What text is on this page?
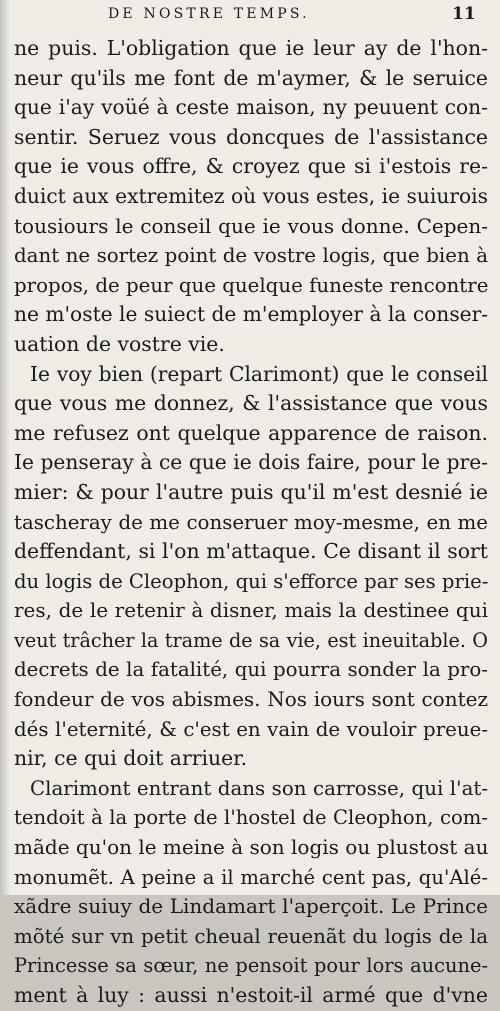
DE NOSTRE TEMPS.	11
ne puis. L'obligation que ie leur ay de l'hon-
neur qu'ils me font de m'aymer, & le seruice
que i'ay voüé à ceste maison, ny peuuent con-
sentir. Seruez vous doncques de l'assistance
que ie vous offre, & croyez que si i'estois re-
duict aux extremitez où vous estes, ie suiurois
tousiours le conseil que ie vous donne. Cepen-
dant ne sortez point de vostre logis, que bien à
propos, de peur que quelque funeste rencontre
ne m'oste le suiect de m'employer à la conser-
uation de vostre vie.
Ie voy bien (repart Clarimont) que le conseil
que vous me donnez, & l'assistance que vous
me refusez ont quelque apparence de raison.
Ie penseray à ce que ie dois faire, pour le pre-
mier: & pour l'autre puis qu'il m'est desnié ie
tascheray de me conseruer moy-mesme, en me
deffendant, si l'on m'attaque. Ce disant il sort
du logis de Cleophon, qui s'efforce par ses prie-
res, de le retenir à disner, mais la destinee qui
veut trâcher la trame de sa vie, est ineuitable. O
decrets de la fatalité, qui pourra sonder la pro-
fondeur de vos abismes. Nos iours sont contez
dés l'eternité, & c'est en vain de vouloir preue-
nir, ce qui doit arriuer.
Clarimont entrant dans son carrosse, qui l'at-
tendoit à la porte de l'hostel de Cleophon, com-
mãde qu'on le meine à son logis ou plustost au
monumẽt. A peine a il marché cent pas, qu'Alé-
xãdre suiuy de Lindamart l'aperçoit. Le Prince
mõté sur vn petit cheual reuenãt du logis de la
Princesse sa sœur, ne pensoit pour lors aucune-
ment à luy : aussi n'estoit-il armé que d'vne
